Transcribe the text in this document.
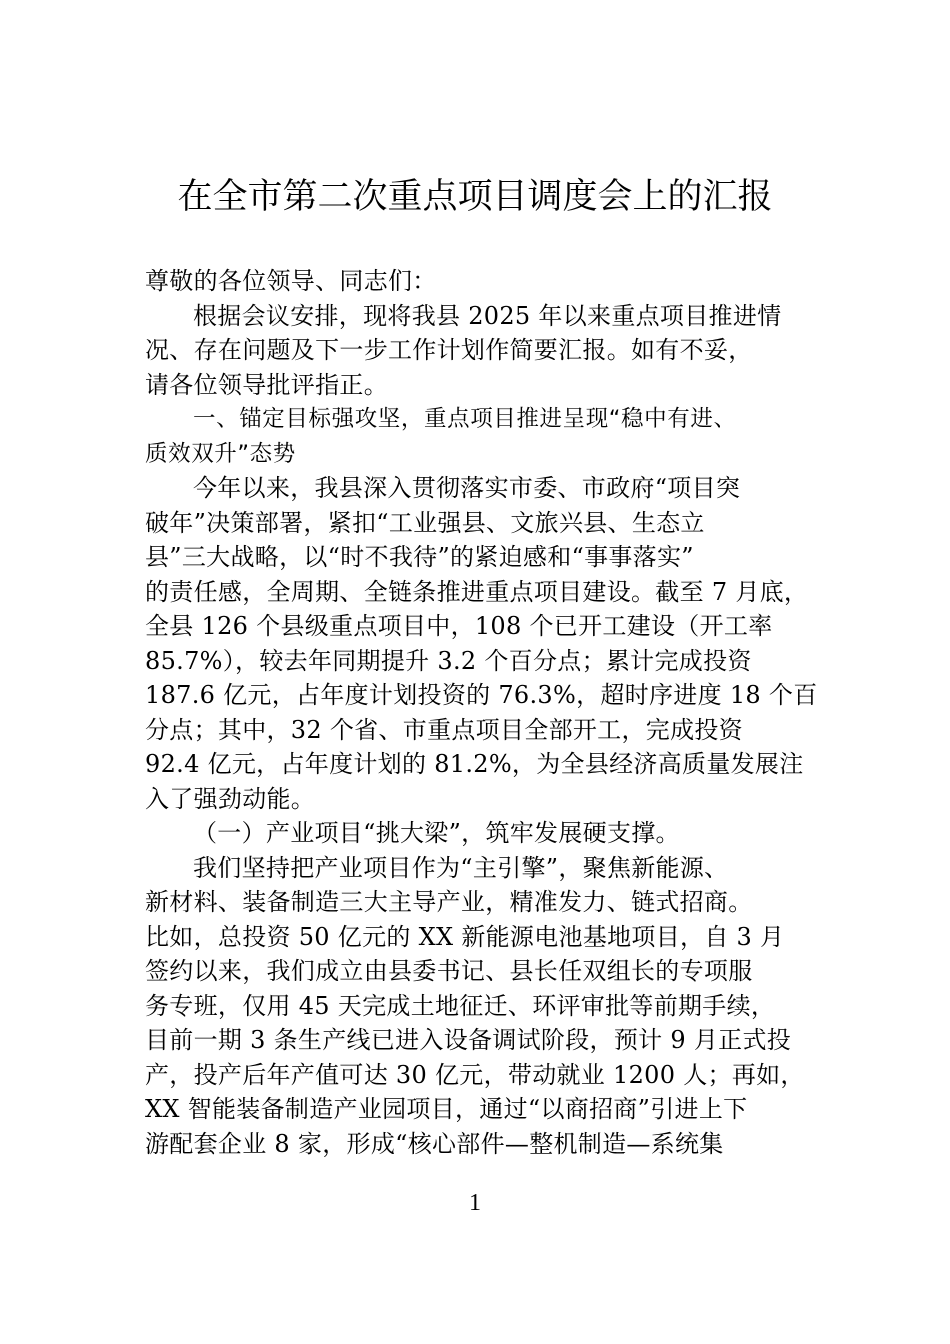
在全市第二次重点项目调度会上的汇报
尊敬的各位领导、同志们：
根据会议安排，现将我县 2025 年以来重点项目推进情
况、存在问题及下一步工作计划作简要汇报。如有不妥，
请各位领导批评指正。
一、锚定目标强攻坚，重点项目推进呈现“稳中有进、
质效双升”态势
今年以来，我县深入贯彻落实市委、市政府“项目突
破年”决策部署，紧扣“工业强县、文旅兴县、生态立
县”三大战略，以“时不我待”的紧迫感和“事事落实”
的责任感，全周期、全链条推进重点项目建设。截至 7 月底，
全县 126 个县级重点项目中，108 个已开工建设（开工率
85.7%），较去年同期提升 3.2 个百分点；累计完成投资
187.6 亿元，占年度计划投资的 76.3%，超时序进度 18 个百
分点；其中，32 个省、市重点项目全部开工，完成投资
92.4 亿元，占年度计划的 81.2%，为全县经济高质量发展注
入了强劲动能。
（一）产业项目“挑大梁”，筑牢发展硬支撑。
我们坚持把产业项目作为“主引擎”，聚焦新能源、
新材料、装备制造三大主导产业，精准发力、链式招商。
比如，总投资 50 亿元的 XX 新能源电池基地项目，自 3 月
签约以来，我们成立由县委书记、县长任双组长的专项服
务专班，仅用 45 天完成土地征迁、环评审批等前期手续，
目前一期 3 条生产线已进入设备调试阶段，预计 9 月正式投
产，投产后年产值可达 30 亿元，带动就业 1200 人；再如，
XX 智能装备制造产业园项目，通过“以商招商”引进上下
游配套企业 8 家，形成“核心部件—整机制造—系统集
1
